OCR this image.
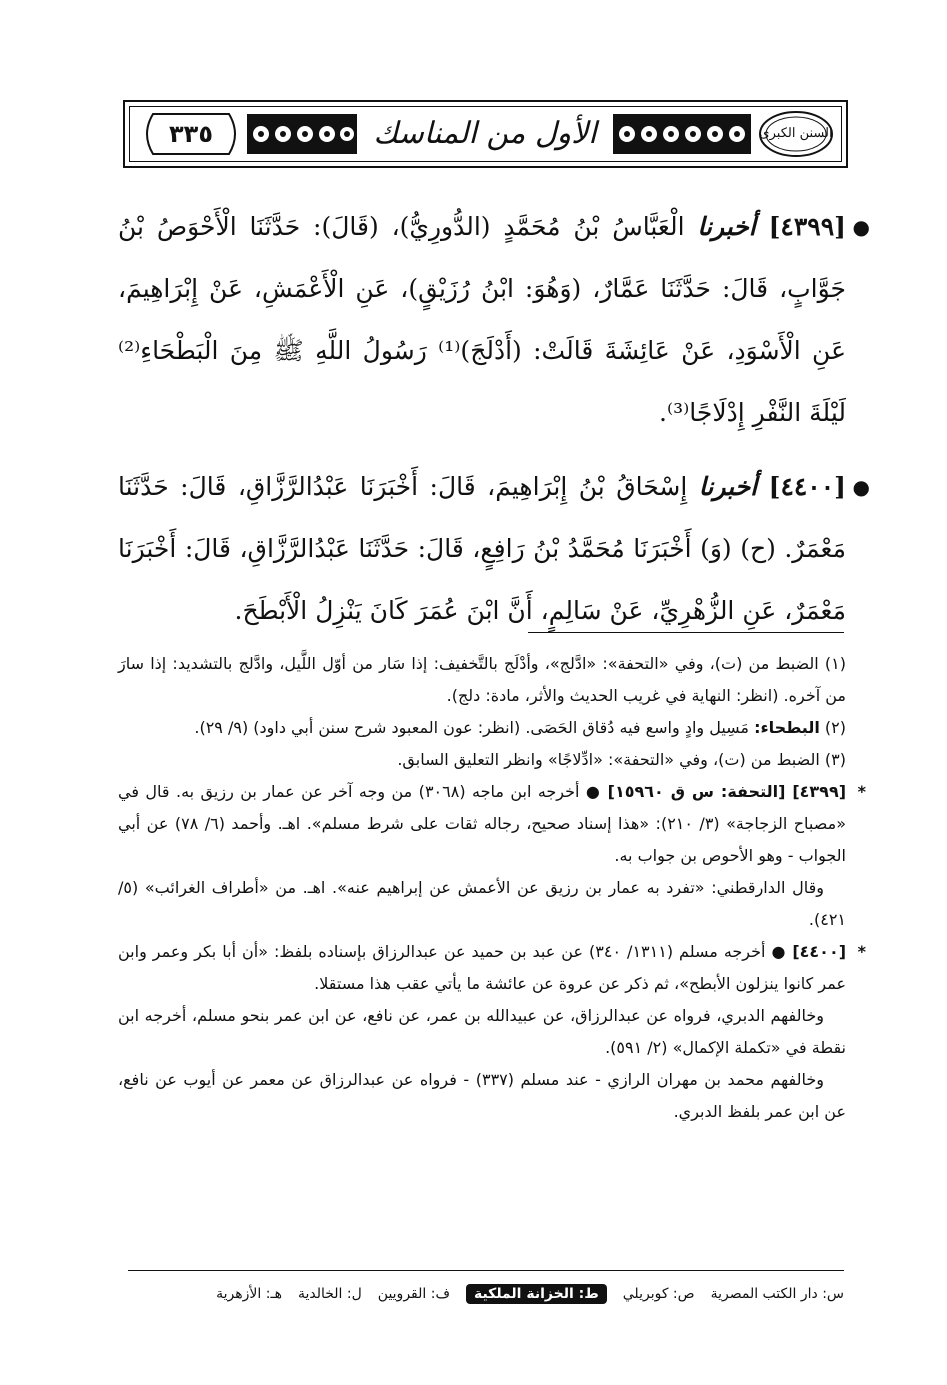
٣٣٥	الأول من المناسك	السنن الكبرى

●
[٤٣٩٩] أخبرنا الْعَبَّاسُ بْنُ مُحَمَّدٍ (الدُّورِيُّ)، (قَالَ): حَدَّثَنَا الْأَحْوَصُ بْنُ جَوَّابٍ، قَالَ: حَدَّثَنَا عَمَّارٌ، (وَهُوَ: ابْنُ رُزَيْقٍ)، عَنِ الْأَعْمَشِ، عَنْ إِبْرَاهِيمَ، عَنِ الْأَسْوَدِ، عَنْ عَائِشَةَ قَالَتْ: (أَدْلَجَ)⁽¹⁾ رَسُولُ اللَّهِ ﷺ مِنَ الْبَطْحَاءِ⁽²⁾ لَيْلَةَ النَّفْرِ إِدْلَاجًا⁽³⁾.

●
[٤٤٠٠] أخبرنا إِسْحَاقُ بْنُ إِبْرَاهِيمَ، قَالَ: أَخْبَرَنَا عَبْدُالرَّزَّاقِ، قَالَ: حَدَّثَنَا مَعْمَرٌ. (ح) (وَ) أَخْبَرَنَا مُحَمَّدُ بْنُ رَافِعٍ، قَالَ: حَدَّثَنَا عَبْدُالرَّزَّاقِ، قَالَ: أَخْبَرَنَا مَعْمَرٌ، عَنِ الزُّهْرِيِّ، عَنْ سَالِمٍ، أَنَّ ابْنَ عُمَرَ كَانَ يَنْزِلُ الْأَبْطَحَ.

(١) الضبط من (ت)، وفي «التحفة»: «ادَّلج»، وأدْلَج بالتَّخفيف: إذا سَار من أوّل اللَّيل، وادَّلج بالتشديد: إذا سارَ من آخره. (انظر: النهاية في غريب الحديث والأثر، مادة: دلج).

(٢) البطحاء: مَسِيل وادٍ واسع فيه دُقاق الحَصَى. (انظر: عون المعبود شرح سنن أبي داود) (٩/ ٢٩).

(٣) الضبط من (ت)، وفي «التحفة»: «ادِّلاجًا» وانظر التعليق السابق.

*

[٤٣٩٩] [التحفة: س ق ١٥٩٦٠] ● أخرجه ابن ماجه (٣٠٦٨) من وجه آخر عن عمار بن رزيق به. قال في «مصباح الزجاجة» (٣/ ٢١٠): «هذا إسناد صحيح، رجاله ثقات على شرط مسلم». اهـ. وأحمد (٦/ ٧٨) عن أبي الجواب - وهو الأحوص بن جواب به.

وقال الدارقطني: «تفرد به عمار بن رزيق عن الأعمش عن إبراهيم عنه». اهـ. من «أطراف الغرائب» (٥/ ٤٢١).

*

[٤٤٠٠] ● أخرجه مسلم (١٣١١/ ٣٤٠) عن عبد بن حميد عن عبدالرزاق بإسناده بلفظ: «أن أبا بكر وعمر وابن عمر كانوا ينزلون الأبطح»، ثم ذكر عن عروة عن عائشة ما يأتي عقب هذا مستقلا.

وخالفهم الدبري، فرواه عن عبدالرزاق، عن عبيدالله بن عمر، عن نافع، عن ابن عمر بنحو مسلم، أخرجه ابن نقطة في «تكملة الإكمال» (٢/ ٥٩١).

وخالفهم محمد بن مهران الرازي - عند مسلم (٣٣٧) - فرواه عن عبدالرزاق عن معمر عن أيوب عن نافع، عن ابن عمر بلفظ الدبري.

س: دار الكتب المصرية
ص: كوبريلي
ط: الخزانة الملكية
ف: القرويين
ل: الخالدية
هـ: الأزهرية
